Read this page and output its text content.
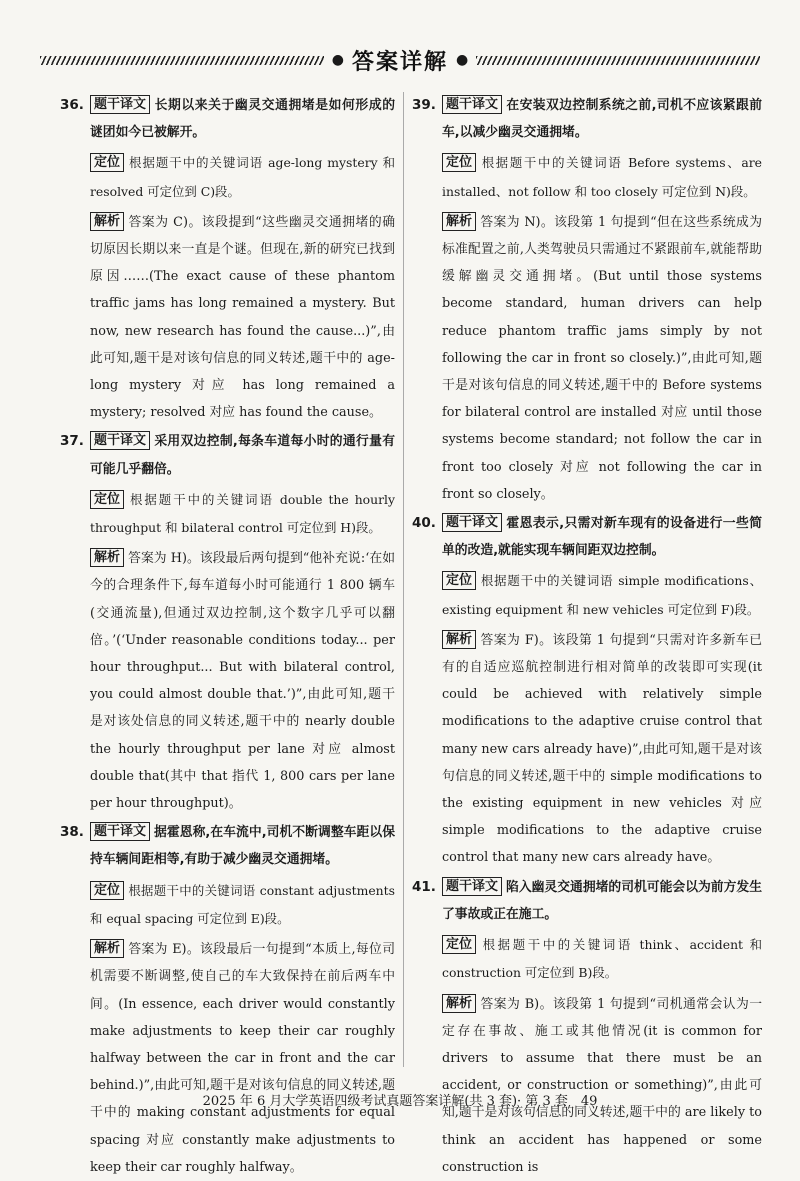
● 答案详解 ●
36. 题干译文 长期以来关于幽灵交通拥堵是如何形成的谜团如今已被解开。
定位 根据题干中的关键词语 age-long mystery 和 resolved 可定位到 C)段。
解析 答案为 C)。该段提到“这些幽灵交通拥堵的确切原因长期以来一直是个谜。但现在,新的研究已找到原因……(The exact cause of these phantom traffic jams has long remained a mystery. But now, new research has found the cause...)”,由此可知,题干是对该句信息的同义转述,题干中的 age-long mystery 对应 has long remained a mystery; resolved 对应 has found the cause。
37. 题干译文 采用双边控制,每条车道每小时的通行量有可能几乎翻倍。
定位 根据题干中的关键词语 double the hourly throughput 和 bilateral control 可定位到 H)段。
解析 答案为 H)。该段最后两句提到“他补充说:‘在如今的合理条件下,每车道每小时可能通行 1 800 辆车(交通流量),但通过双边控制,这个数字几乎可以翻倍。’(‘Under reasonable conditions today... per hour throughput... But with bilateral control, you could almost double that.’)”,由此可知,题干是对该处信息的同义转述,题干中的 nearly double the hourly throughput per lane 对应 almost double that(其中 that 指代 1, 800 cars per lane per hour throughput)。
38. 题干译文 据霍恩称,在车流中,司机不断调整车距以保持车辆间距相等,有助于减少幽灵交通拥堵。
定位 根据题干中的关键词语 constant adjustments 和 equal spacing 可定位到 E)段。
解析 答案为 E)。该段最后一句提到“本质上,每位司机需要不断调整,使自己的车大致保持在前后两车中间。(In essence, each driver would constantly make adjustments to keep their car roughly halfway between the car in front and the car behind.)”,由此可知,题干是对该句信息的同义转述,题干中的 making constant adjustments for equal spacing 对应 constantly make adjustments to keep their car roughly halfway。
39. 题干译文 在安装双边控制系统之前,司机不应该紧跟前车,以减少幽灵交通拥堵。
定位 根据题干中的关键词语 Before systems、are installed、not follow 和 too closely 可定位到 N)段。
解析 答案为 N)。该段第 1 句提到“但在这些系统成为标准配置之前,人类驾驶员只需通过不紧跟前车,就能帮助缓解幽灵交通拥堵。(But until those systems become standard, human drivers can help reduce phantom traffic jams simply by not following the car in front so closely.)”,由此可知,题干是对该句信息的同义转述,题干中的 Before systems for bilateral control are installed 对应 until those systems become standard; not follow the car in front too closely 对应 not following the car in front so closely。
40. 题干译文 霍恩表示,只需对新车现有的设备进行一些简单的改造,就能实现车辆间距双边控制。
定位 根据题干中的关键词语 simple modifications、existing equipment 和 new vehicles 可定位到 F)段。
解析 答案为 F)。该段第 1 句提到“只需对许多新车已有的自适应巡航控制进行相对简单的改装即可实现(it could be achieved with relatively simple modifications to the adaptive cruise control that many new cars already have)”,由此可知,题干是对该句信息的同义转述,题干中的 simple modifications to the existing equipment in new vehicles 对应 simple modifications to the adaptive cruise control that many new cars already have。
41. 题干译文 陷入幽灵交通拥堵的司机可能会以为前方发生了事故或正在施工。
定位 根据题干中的关键词语 think、accident 和 construction 可定位到 B)段。
解析 答案为 B)。该段第 1 句提到“司机通常会认为一定存在事故、施工或其他情况(it is common for drivers to assume that there must be an accident, or construction or something)”,由此可知,题干是对该句信息的同义转述,题干中的 are likely to think an accident has happened or some construction is
2025 年 6 月大学英语四级考试真题答案详解(共 3 套)· 第 3 套　49
